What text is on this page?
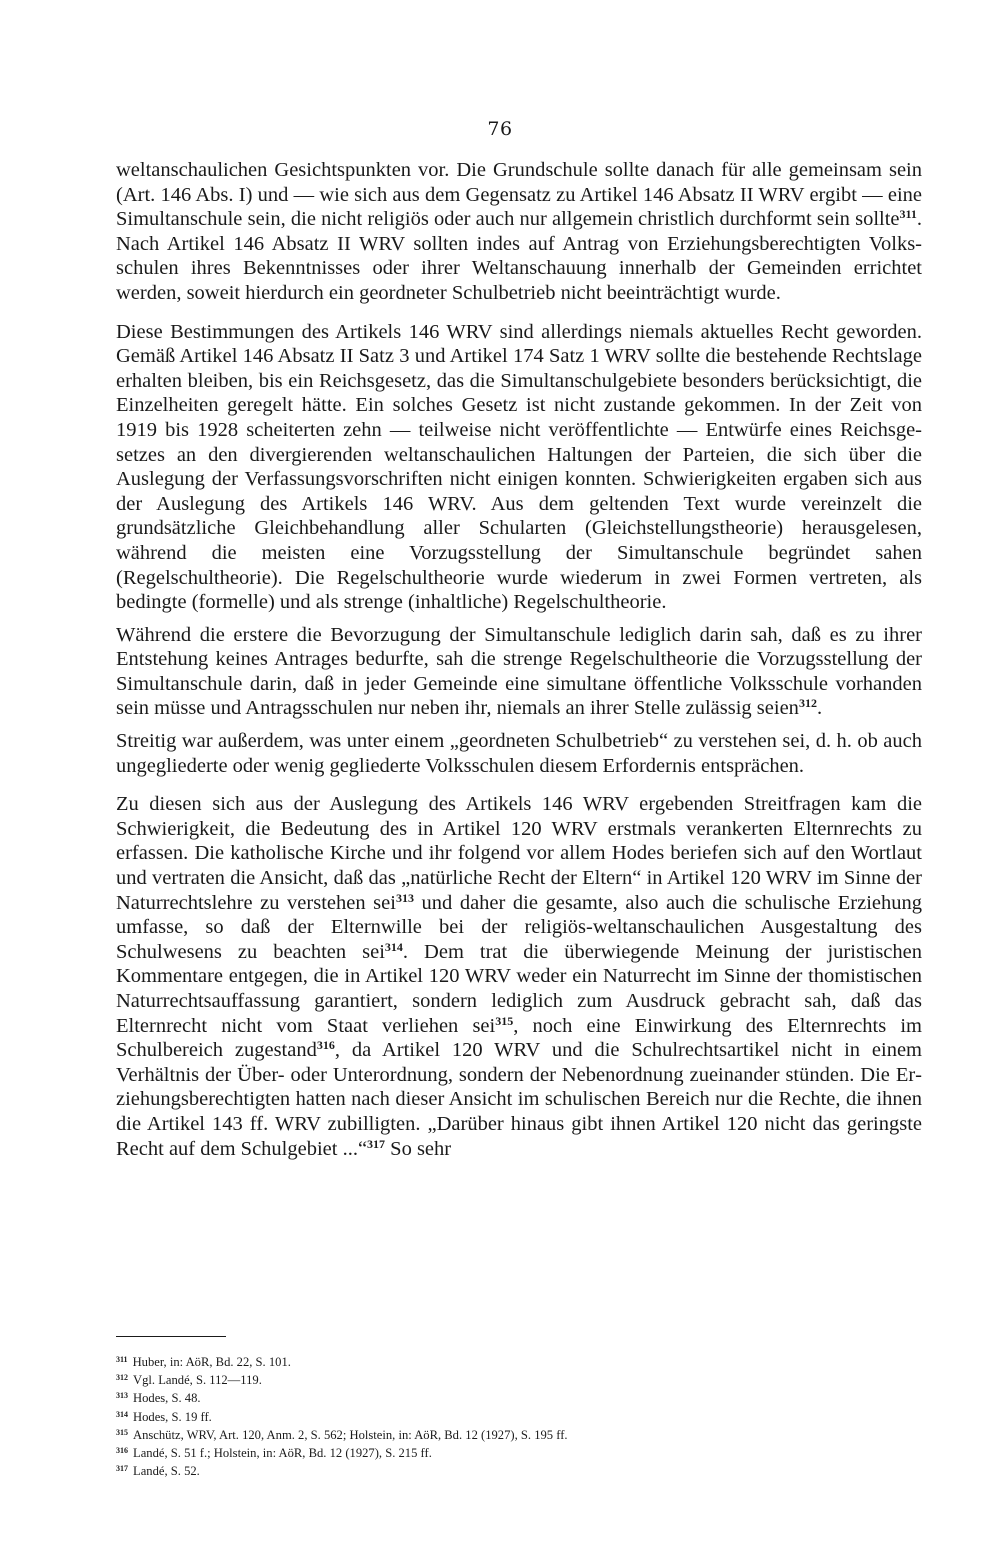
76

weltanschaulichen Gesichtspunkten vor. Die Grundschule sollte danach für alle gemeinsam sein (Art. 146 Abs. I) und — wie sich aus dem Gegensatz zu Artikel 146 Absatz II WRV ergibt — eine Simultanschule sein, die nicht religiös oder auch nur allgemein christlich durchformt sein sollte$^{311}$. Nach Artikel 146 Absatz II WRV sollten indes auf Antrag von Erziehungsberechtigten Volksschulen ihres Bekenntnisses oder ihrer Weltanschauung innerhalb der Gemeinden errichtet werden, soweit hierdurch ein geordneter Schulbetrieb nicht beeinträchtigt wurde.

Diese Bestimmungen des Artikels 146 WRV sind allerdings niemals aktuelles Recht geworden. Gemäß Artikel 146 Absatz II Satz 3 und Artikel 174 Satz 1 WRV sollte die bestehende Rechtslage erhalten bleiben, bis ein Reichsgesetz, das die Simultanschulgebiete besonders berücksichtigt, die Einzelheiten geregelt hätte. Ein solches Gesetz ist nicht zustande gekommen. In der Zeit von 1919 bis 1928 scheiterten zehn — teilweise nicht veröffentlichte — Entwürfe eines Reichsgesetzes an den divergierenden weltanschaulichen Haltungen der Parteien, die sich über die Auslegung der Verfassungsvorschriften nicht einigen konnten. Schwierigkeiten ergaben sich aus der Auslegung des Artikels 146 WRV. Aus dem geltenden Text wurde vereinzelt die grundsätzliche Gleichbehandlung aller Schularten (Gleichstellungstheorie) herausgelesen, während die meisten eine Vorzugsstellung der Simultanschule begründet sahen (Regelschultheorie). Die Regelschultheorie wurde wiederum in zwei Formen vertreten, als bedingte (formelle) und als strenge (inhaltliche) Regelschultheorie.

Während die erstere die Bevorzugung der Simultanschule lediglich darin sah, daß es zu ihrer Entstehung keines Antrages bedurfte, sah die strenge Regelschultheorie die Vorzugsstellung der Simultanschule darin, daß in jeder Gemeinde eine simultane öffentliche Volksschule vorhanden sein müsse und Antragsschulen nur neben ihr, niemals an ihrer Stelle zulässig seien$^{312}$.

Streitig war außerdem, was unter einem „geordneten Schulbetrieb“ zu verstehen sei, d. h. ob auch ungegliederte oder wenig gegliederte Volksschulen diesem Erfordernis entsprächen.

Zu diesen sich aus der Auslegung des Artikels 146 WRV ergebenden Streitfragen kam die Schwierigkeit, die Bedeutung des in Artikel 120 WRV erstmals verankerten Elternrechts zu erfassen. Die katholische Kirche und ihr folgend vor allem Hodes beriefen sich auf den Wortlaut und vertraten die Ansicht, daß das „natürliche Recht der Eltern“ in Artikel 120 WRV im Sinne der Naturrechtslehre zu verstehen sei$^{313}$ und daher die gesamte, also auch die schulische Erziehung umfasse, so daß der Elternwille bei der religiös-weltanschaulichen Ausgestaltung des Schulwesens zu beachten sei$^{314}$. Dem trat die überwiegende Meinung der juristischen Kommentare entgegen, die in Artikel 120 WRV weder ein Naturrecht im Sinne der thomistischen Naturrechtsauffassung garantiert, sondern lediglich zum Ausdruck gebracht sah, daß das Elternrecht nicht vom Staat verliehen sei$^{315}$, noch eine Einwirkung des Elternrechts im Schulbereich zugestand$^{316}$, da Artikel 120 WRV und die Schulrechtsartikel nicht in einem Verhältnis der Über- oder Unterordnung, sondern der Nebenordnung zueinander stünden. Die Erziehungsberechtigten hatten nach dieser Ansicht im schulischen Bereich nur die Rechte, die ihnen die Artikel 143 ff. WRV zubilligten. „Darüber hinaus gibt ihnen Artikel 120 nicht das geringste Recht auf dem Schulgebiet ...“$^{317}$ So sehr

$^{311}$ Huber, in: AöR, Bd. 22, S. 101.
$^{312}$ Vgl. Landé, S. 112—119.
$^{313}$ Hodes, S. 48.
$^{314}$ Hodes, S. 19 ff.
$^{315}$ Anschütz, WRV, Art. 120, Anm. 2, S. 562; Holstein, in: AöR, Bd. 12 (1927), S. 195 ff.
$^{316}$ Landé, S. 51 f.; Holstein, in: AöR, Bd. 12 (1927), S. 215 ff.
$^{317}$ Landé, S. 52.
